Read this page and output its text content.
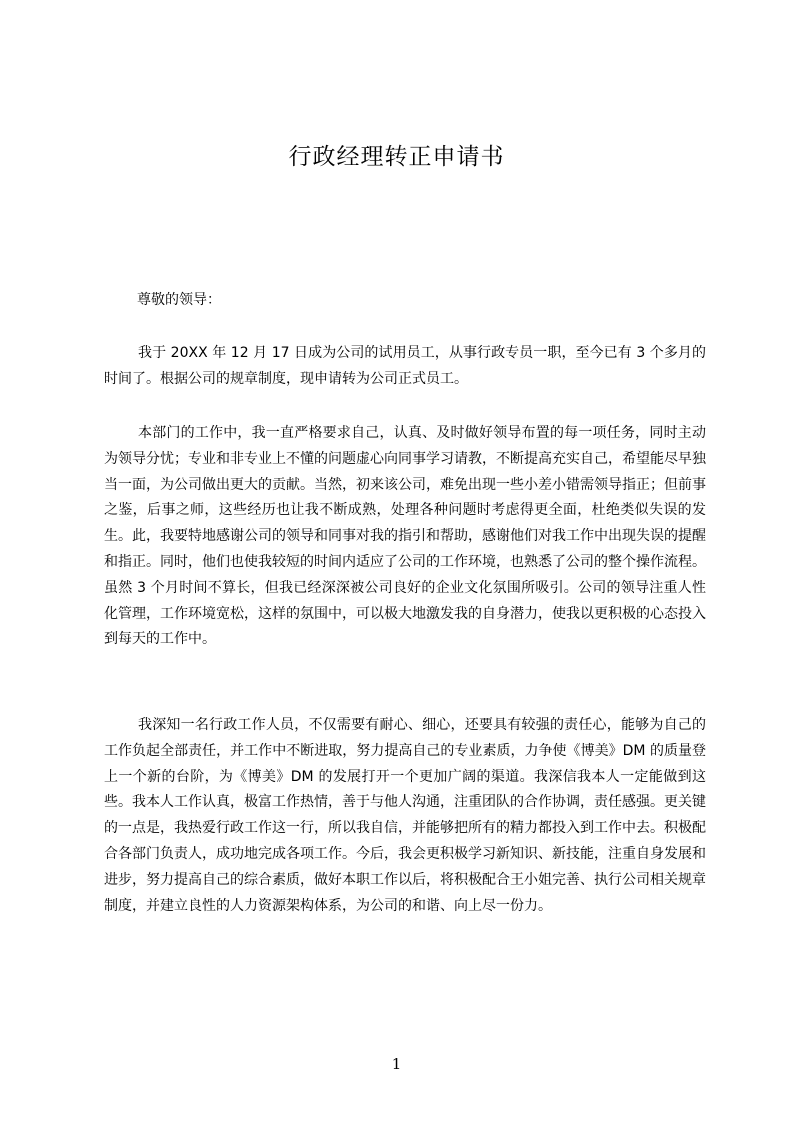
行政经理转正申请书

尊敬的领导：

我于 20XX 年 12 月 17 日成为公司的试用员工，从事行政专员一职，至今已有 3 个多月的时间了。根据公司的规章制度，现申请转为公司正式员工。

本部门的工作中，我一直严格要求自己，认真、及时做好领导布置的每一项任务，同时主动为领导分忧；专业和非专业上不懂的问题虚心向同事学习请教，不断提高充实自己，希望能尽早独当一面，为公司做出更大的贡献。当然，初来该公司，难免出现一些小差小错需领导指正；但前事之鉴，后事之师，这些经历也让我不断成熟，处理各种问题时考虑得更全面，杜绝类似失误的发生。此，我要特地感谢公司的领导和同事对我的指引和帮助，感谢他们对我工作中出现失误的提醒和指正。同时，他们也使我较短的时间内适应了公司的工作环境，也熟悉了公司的整个操作流程。虽然 3 个月时间不算长，但我已经深深被公司良好的企业文化氛围所吸引。公司的领导注重人性化管理，工作环境宽松，这样的氛围中，可以极大地激发我的自身潜力，使我以更积极的心态投入到每天的工作中。

我深知一名行政工作人员，不仅需要有耐心、细心，还要具有较强的责任心，能够为自己的工作负起全部责任，并工作中不断进取，努力提高自己的专业素质，力争使《博美》DM 的质量登上一个新的台阶，为《博美》DM 的发展打开一个更加广阔的渠道。我深信我本人一定能做到这些。我本人工作认真，极富工作热情，善于与他人沟通，注重团队的合作协调，责任感强。更关键的一点是，我热爱行政工作这一行，所以我自信，并能够把所有的精力都投入到工作中去。积极配合各部门负责人，成功地完成各项工作。今后，我会更积极学习新知识、新技能，注重自身发展和进步，努力提高自己的综合素质，做好本职工作以后，将积极配合王小姐完善、执行公司相关规章制度，并建立良性的人力资源架构体系，为公司的和谐、向上尽一份力。

1
